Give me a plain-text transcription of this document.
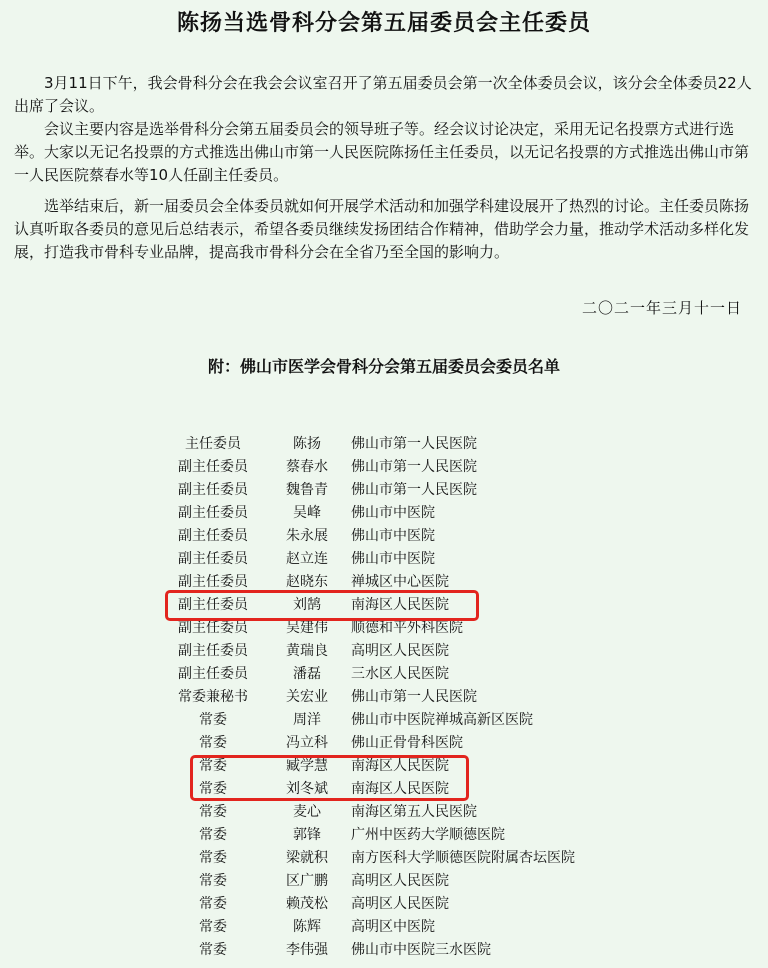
陈扬当选骨科分会第五届委员会主任委员
3月11日下午，我会骨科分会在我会会议室召开了第五届委员会第一次全体委员会议，该分会全体委员22人出席了会议。
会议主要内容是选举骨科分会第五届委员会的领导班子等。经会议讨论决定，采用无记名投票方式进行选举。大家以无记名投票的方式推选出佛山市第一人民医院陈扬任主任委员，以无记名投票的方式推选出佛山市第一人民医院蔡春水等10人任副主任委员。
选举结束后，新一届委员会全体委员就如何开展学术活动和加强学科建设展开了热烈的讨论。主任委员陈扬认真听取各委员的意见后总结表示，希望各委员继续发扬团结合作精神，借助学会力量，推动学术活动多样化发展，打造我市骨科专业品牌，提高我市骨科分会在全省乃至全国的影响力。
二〇二一年三月十一日
附：佛山市医学会骨科分会第五届委员会委员名单
主任委员	陈扬	佛山市第一人民医院
副主任委员	蔡春水	佛山市第一人民医院
副主任委员	魏鲁青	佛山市第一人民医院
副主任委员	吴峰	佛山市中医院
副主任委员	朱永展	佛山市中医院
副主任委员	赵立连	佛山市中医院
副主任委员	赵晓东	禅城区中心医院
副主任委员	刘鹄	南海区人民医院
副主任委员	吴建伟	顺德和平外科医院
副主任委员	黄瑞良	高明区人民医院
副主任委员	潘磊	三水区人民医院
常委兼秘书	关宏业	佛山市第一人民医院
常委	周洋	佛山市中医院禅城高新区医院
常委	冯立科	佛山正骨骨科医院
常委	臧学慧	南海区人民医院
常委	刘冬斌	南海区人民医院
常委	麦心	南海区第五人民医院
常委	郭锋	广州中医药大学顺德医院
常委	梁就积	南方医科大学顺德医院附属杏坛医院
常委	区广鹏	高明区人民医院
常委	赖茂松	高明区人民医院
常委	陈辉	高明区中医院
常委	李伟强	佛山市中医院三水医院
